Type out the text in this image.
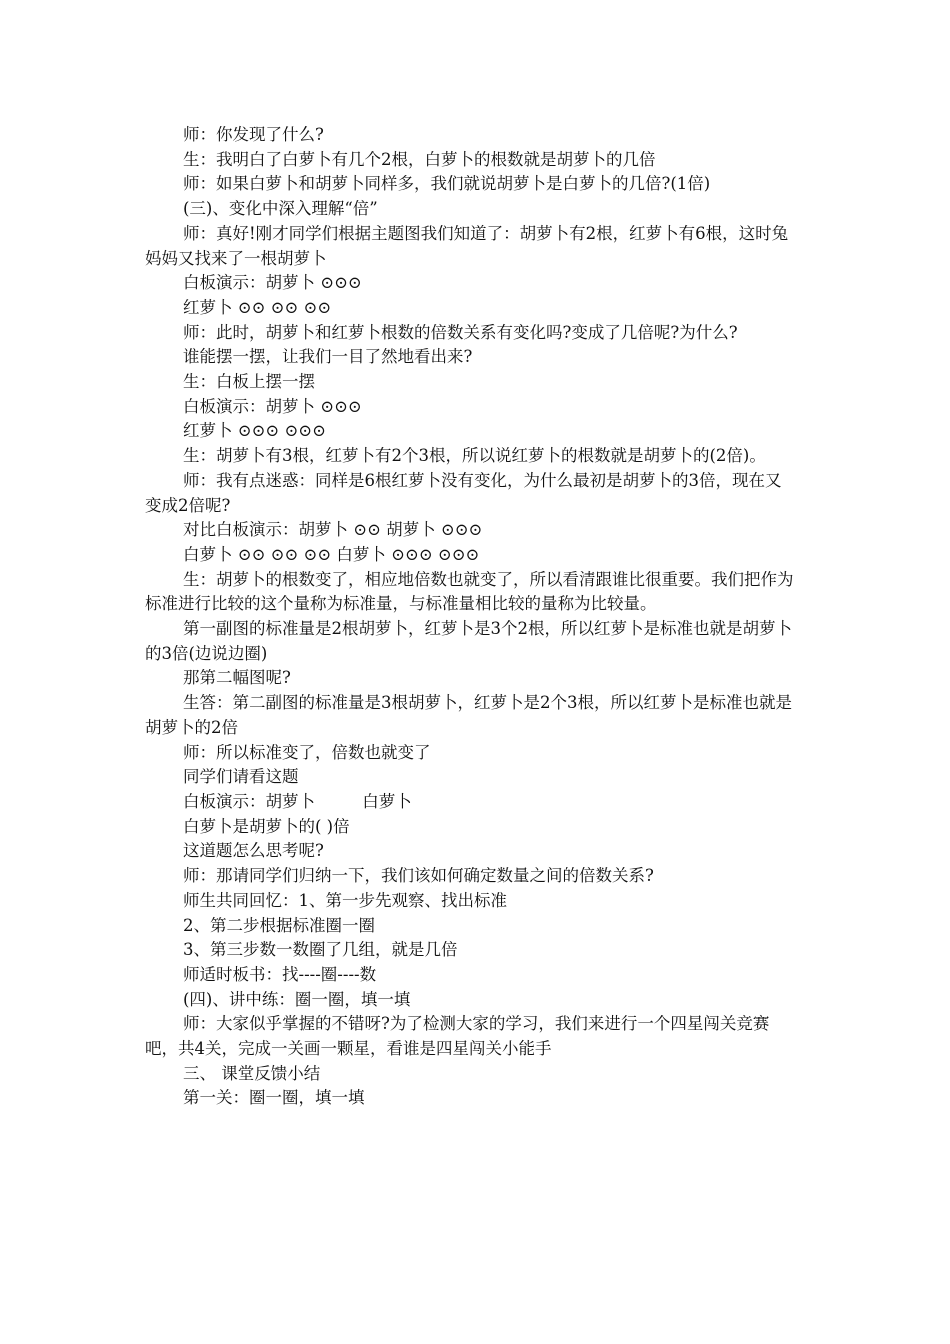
师：你发现了什么?

生：我明白了白萝卜有几个2根，白萝卜的根数就是胡萝卜的几倍

师：如果白萝卜和胡萝卜同样多，我们就说胡萝卜是白萝卜的几倍?(1倍)

(三)、变化中深入理解“倍”

师：真好!刚才同学们根据主题图我们知道了：胡萝卜有2根，红萝卜有6根，这时兔妈妈又找来了一根胡萝卜

白板演示：胡萝卜 ⊙⊙⊙

红萝卜 ⊙⊙ ⊙⊙ ⊙⊙

师：此时，胡萝卜和红萝卜根数的倍数关系有变化吗?变成了几倍呢?为什么?

谁能摆一摆，让我们一目了然地看出来?

生：白板上摆一摆

白板演示：胡萝卜 ⊙⊙⊙

红萝卜 ⊙⊙⊙ ⊙⊙⊙

生：胡萝卜有3根，红萝卜有2个3根，所以说红萝卜的根数就是胡萝卜的(2倍)。

师：我有点迷惑：同样是6根红萝卜没有变化，为什么最初是胡萝卜的3倍，现在又变成2倍呢?

对比白板演示：胡萝卜 ⊙⊙ 胡萝卜 ⊙⊙⊙

白萝卜 ⊙⊙ ⊙⊙ ⊙⊙ 白萝卜 ⊙⊙⊙ ⊙⊙⊙

生：胡萝卜的根数变了，相应地倍数也就变了，所以看清跟谁比很重要。我们把作为标准进行比较的这个量称为标准量，与标准量相比较的量称为比较量。

第一副图的标准量是2根胡萝卜，红萝卜是3个2根，所以红萝卜是标准也就是胡萝卜的3倍(边说边圈)

那第二幅图呢?

生答：第二副图的标准量是3根胡萝卜，红萝卜是2个3根，所以红萝卜是标准也就是胡萝卜的2倍

师：所以标准变了，倍数也就变了

同学们请看这题

白板演示：胡萝卜         白萝卜

白萝卜是胡萝卜的( )倍

这道题怎么思考呢?

师：那请同学们归纳一下，我们该如何确定数量之间的倍数关系?

师生共同回忆：1、第一步先观察、找出标准

2、第二步根据标准圈一圈

3、第三步数一数圈了几组，就是几倍

师适时板书：找----圈----数

(四)、讲中练：圈一圈，填一填

师：大家似乎掌握的不错呀?为了检测大家的学习，我们来进行一个四星闯关竞赛吧，共4关，完成一关画一颗星，看谁是四星闯关小能手

三、 课堂反馈小结

第一关：圈一圈，填一填
